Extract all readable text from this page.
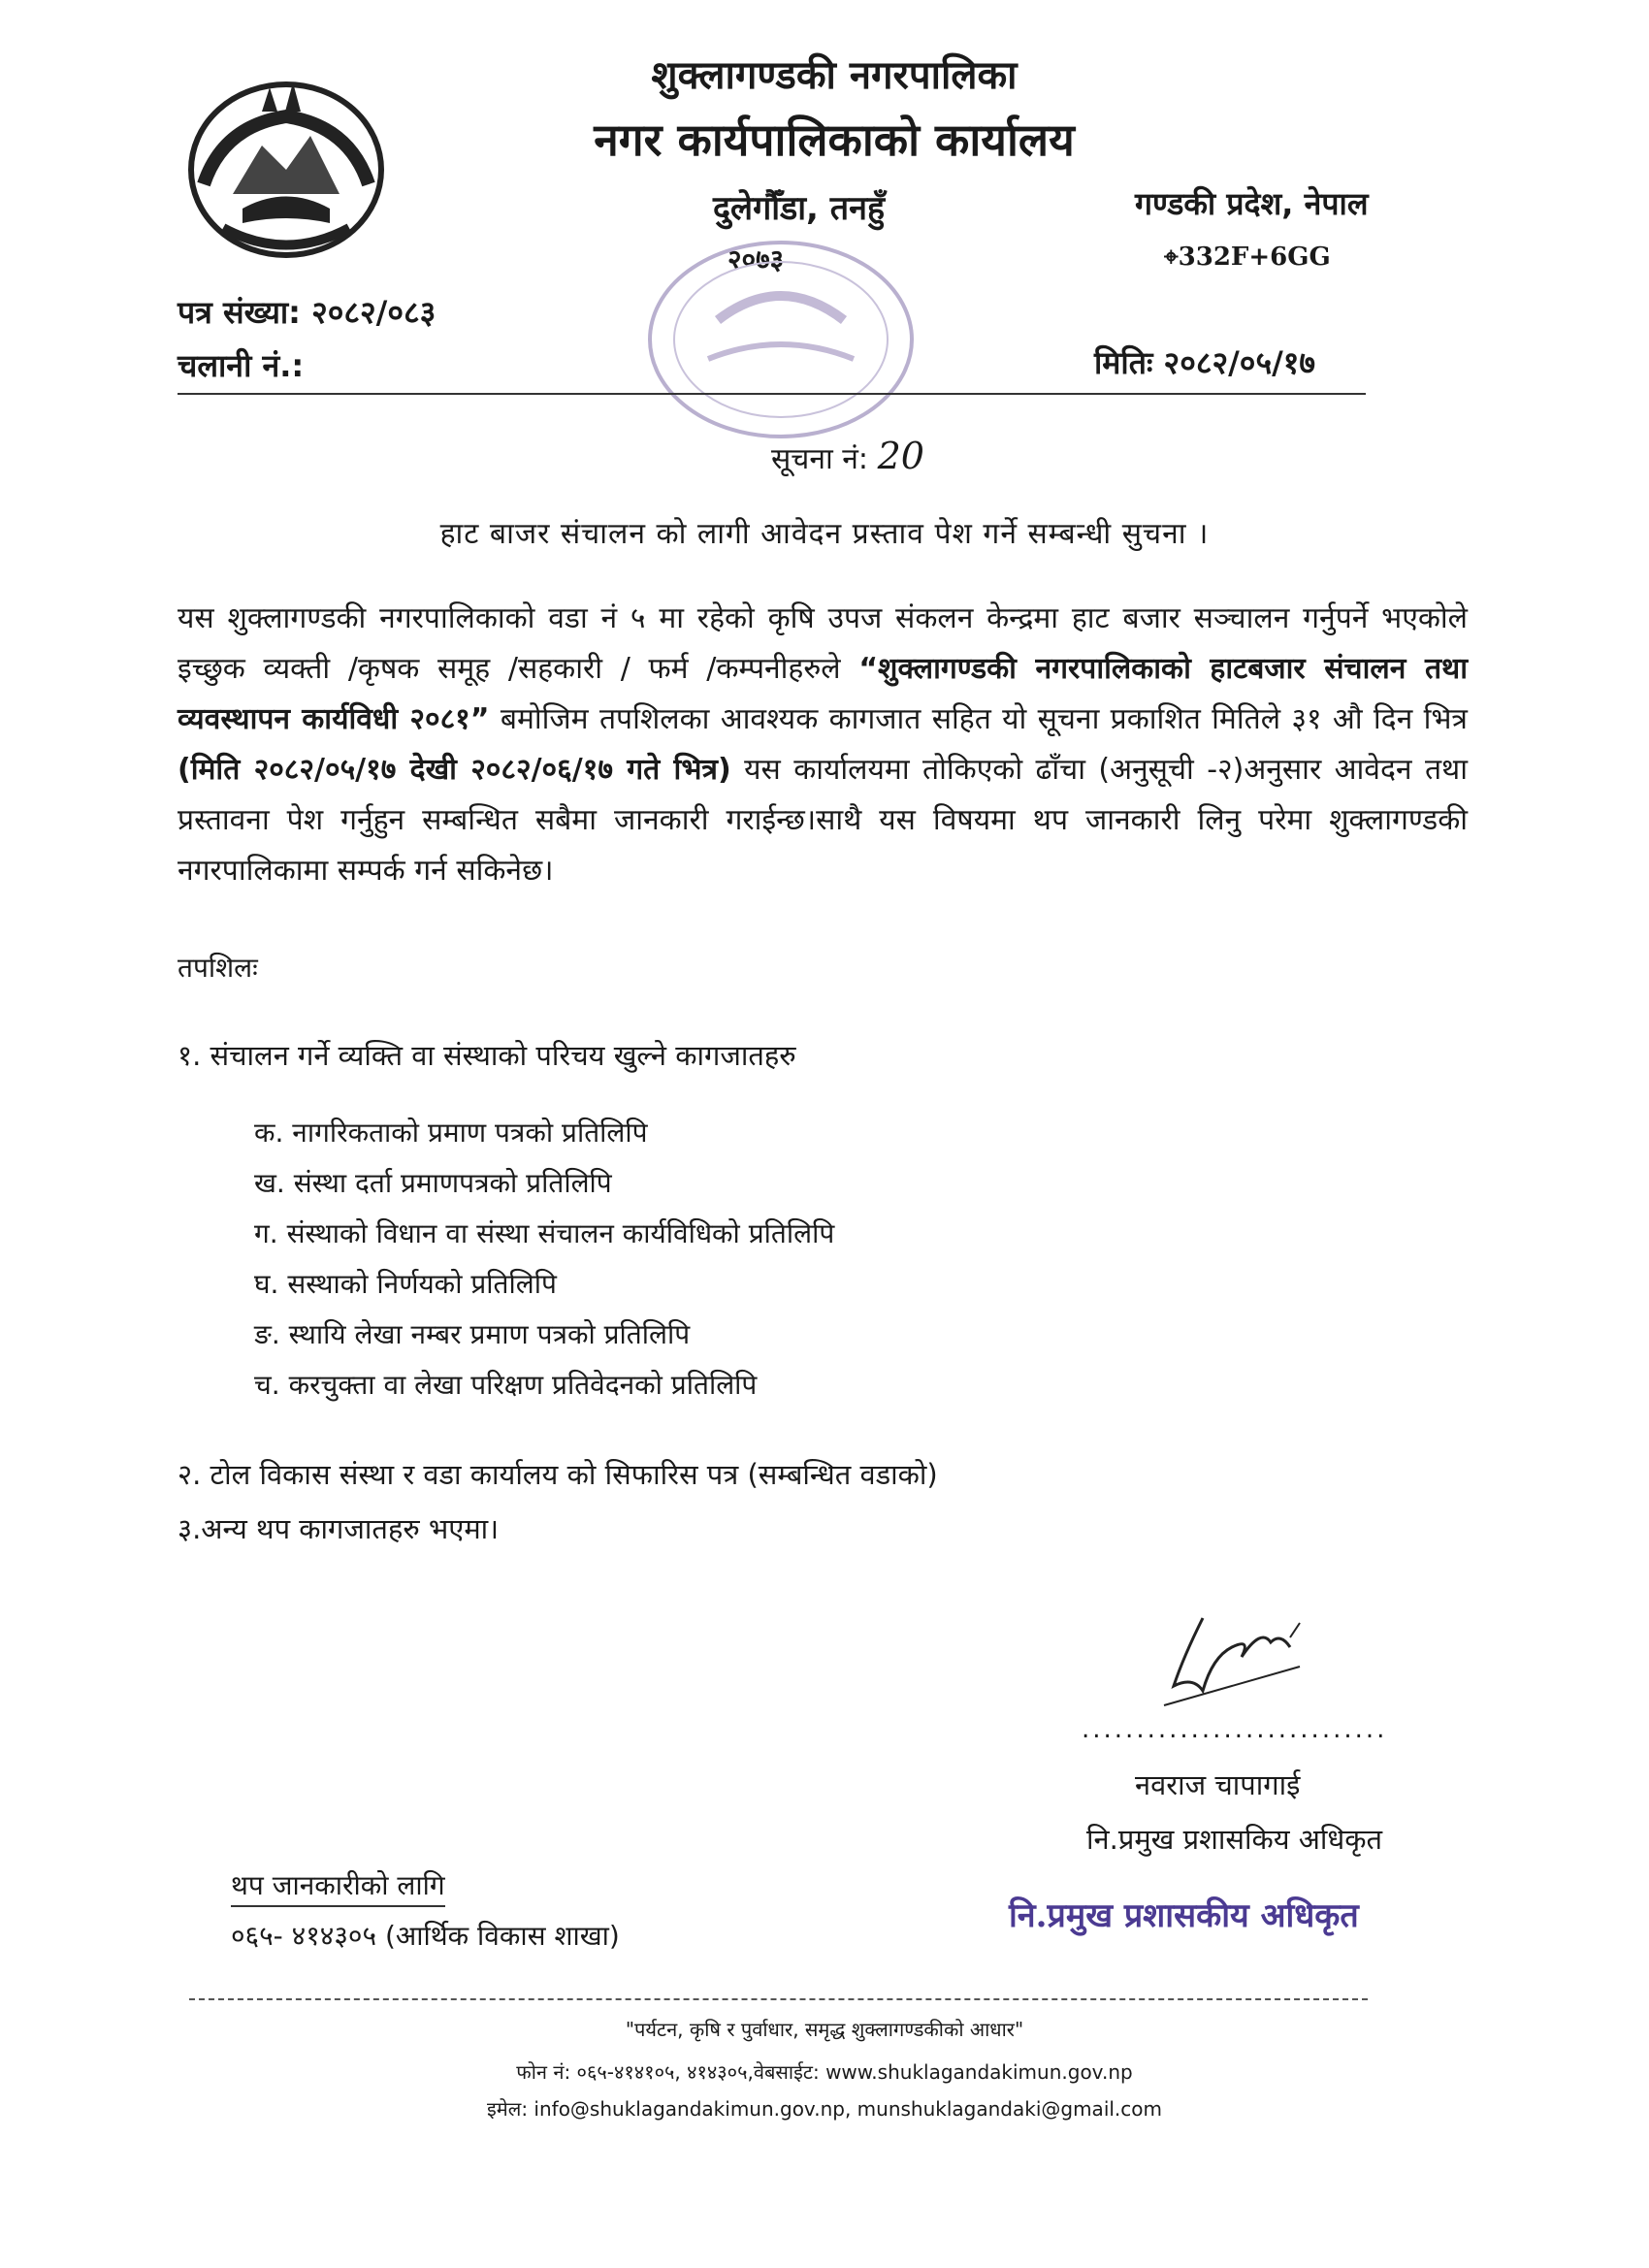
शुक्लागण्डकी नगरपालिका
नगर कार्यपालिकाको कार्यालय
दुलेगौँडा, तनहुँ
२०७३
गण्डकी प्रदेश, नेपाल
⌖332F+6GG
पत्र संख्या: २०८२/०८३
चलानी नं.:	मितिः २०८२/०५/१७
सूचना नं: 20
हाट बाजर संचालन को लागी आवेदन प्रस्ताव पेश गर्ने सम्बन्धी सुचना ।
यस शुक्लागण्डकी नगरपालिकाको वडा नं ५ मा रहेको कृषि उपज संकलन केन्द्रमा हाट बजार सञ्चालन गर्नुपर्ने भएकोले इच्छुक व्यक्ती /कृषक समूह /सहकारी / फर्म /कम्पनीहरुले “शुक्लागण्डकी नगरपालिकाको हाटबजार संचालन तथा व्यवस्थापन कार्यविधी २०८१” बमोजिम तपशिलका आवश्यक कागजात सहित यो सूचना प्रकाशित मितिले ३१ औ दिन भित्र (मिति २०८२/०५/१७ देखी २०८२/०६/१७ गते भित्र) यस कार्यालयमा तोकिएको ढाँचा (अनुसूची -२)अनुसार आवेदन तथा प्रस्तावना पेश गर्नुहुन सम्बन्धित सबैमा जानकारी गराईन्छ।साथै यस विषयमा थप जानकारी लिनु परेमा शुक्लागण्डकी नगरपालिकामा सम्पर्क गर्न सकिनेछ।
तपशिलः
१. संचालन गर्ने व्यक्ति वा संस्थाको परिचय खुल्ने कागजातहरु
क. नागरिकताको प्रमाण पत्रको प्रतिलिपि
ख. संस्था दर्ता प्रमाणपत्रको प्रतिलिपि
ग. संस्थाको विधान वा संस्था संचालन कार्यविधिको प्रतिलिपि
घ. सस्थाको निर्णयको प्रतिलिपि
ङ. स्थायि लेखा नम्बर प्रमाण पत्रको प्रतिलिपि
च. करचुक्ता वा लेखा परिक्षण प्रतिवेदनको प्रतिलिपि
२. टोल विकास संस्था र वडा कार्यालय को सिफारिस पत्र (सम्बन्धित वडाको)
३.अन्य थप कागजातहरु भएमा।
............................
नवराज चापागाई
नि.प्रमुख प्रशासकिय अधिकृत
नि.प्रमुख प्रशासकीय अधिकृत
थप जानकारीको लागि
०६५- ४१४३०५ (आर्थिक विकास शाखा)
"पर्यटन, कृषि र पुर्वाधार, समृद्ध शुक्लागण्डकीको आधार"
फोन नं: ०६५-४१४१०५, ४१४३०५,वेबसाईट: www.shuklagandakimun.gov.np
इमेल: info@shuklagandakimun.gov.np, munshuklagandaki@gmail.com
